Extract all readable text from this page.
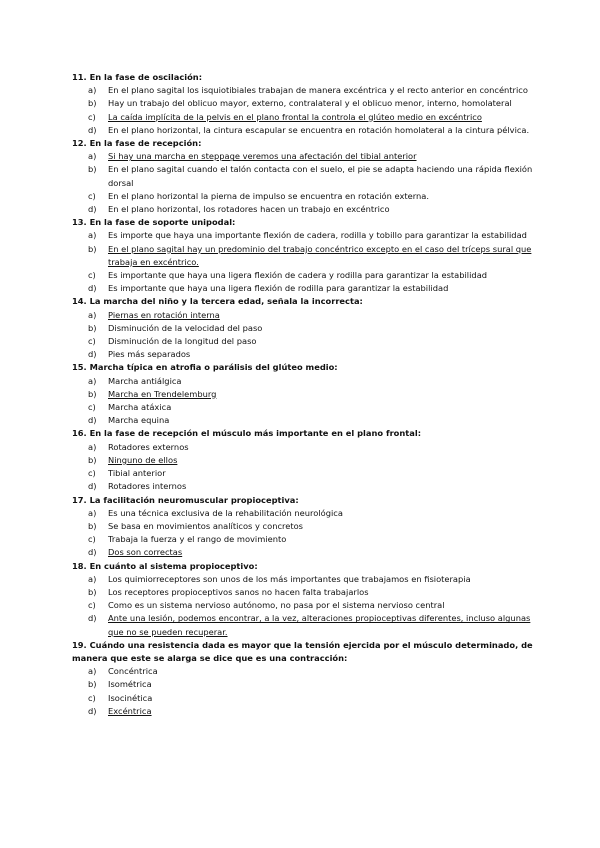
11. En la fase de oscilación:
a) En el plano sagital los isquiotibiales trabajan de manera excéntrica y el recto anterior en concéntrico
b) Hay un trabajo del oblicuo mayor, externo, contralateral y el oblicuo menor, interno, homolateral
c) La caída implícita de la pelvis en el plano frontal la controla el glúteo medio en excéntrico
d) En el plano horizontal, la cintura escapular se encuentra en rotación homolateral a la cintura pélvica.
12. En la fase de recepción:
a) Si hay una marcha en steppage veremos una afectación del tibial anterior
b) En el plano sagital cuando el talón contacta con el suelo, el pie se adapta haciendo una rápida flexión dorsal
c) En el plano horizontal la pierna de impulso se encuentra en rotación externa.
d) En el plano horizontal, los rotadores hacen un trabajo en excéntrico
13. En la fase de soporte unipodal:
a) Es importe que haya una importante flexión de cadera, rodilla y tobillo para garantizar la estabilidad
b) En el plano sagital hay un predominio del trabajo concéntrico excepto en el caso del tríceps sural que trabaja en excéntrico.
c) Es importante que haya una ligera flexión de cadera y rodilla para garantizar la estabilidad
d) Es importante que haya una ligera flexión de rodilla para garantizar la estabilidad
14. La marcha del niño y la tercera edad, señala la incorrecta:
a) Piernas en rotación interna
b) Disminución de la velocidad del paso
c) Disminución de la longitud del paso
d) Pies más separados
15. Marcha típica en atrofia o parálisis del glúteo medio:
a) Marcha antiálgica
b) Marcha en Trendelemburg
c) Marcha atáxica
d) Marcha equina
16. En la fase de recepción el músculo más importante en el plano frontal:
a) Rotadores externos
b) Ninguno de ellos
c) Tibial anterior
d) Rotadores internos
17. La facilitación neuromuscular propioceptiva:
a) Es una técnica exclusiva de la rehabilitación neurológica
b) Se basa en movimientos analíticos y concretos
c) Trabaja la fuerza y el rango de movimiento
d) Dos son correctas
18. En cuánto al sistema propioceptivo:
a) Los quimiorreceptores son unos de los más importantes que trabajamos en fisioterapia
b) Los receptores propioceptivos sanos no hacen falta trabajarlos
c) Como es un sistema nervioso autónomo, no pasa por el sistema nervioso central
d) Ante una lesión, podemos encontrar, a la vez, alteraciones propioceptivas diferentes, incluso algunas que no se pueden recuperar.
19. Cuándo una resistencia dada es mayor que la tensión ejercida por el músculo determinado, de manera que este se alarga se dice que es una contracción:
a) Concéntrica
b) Isométrica
c) Isocinética
d) Excéntrica
